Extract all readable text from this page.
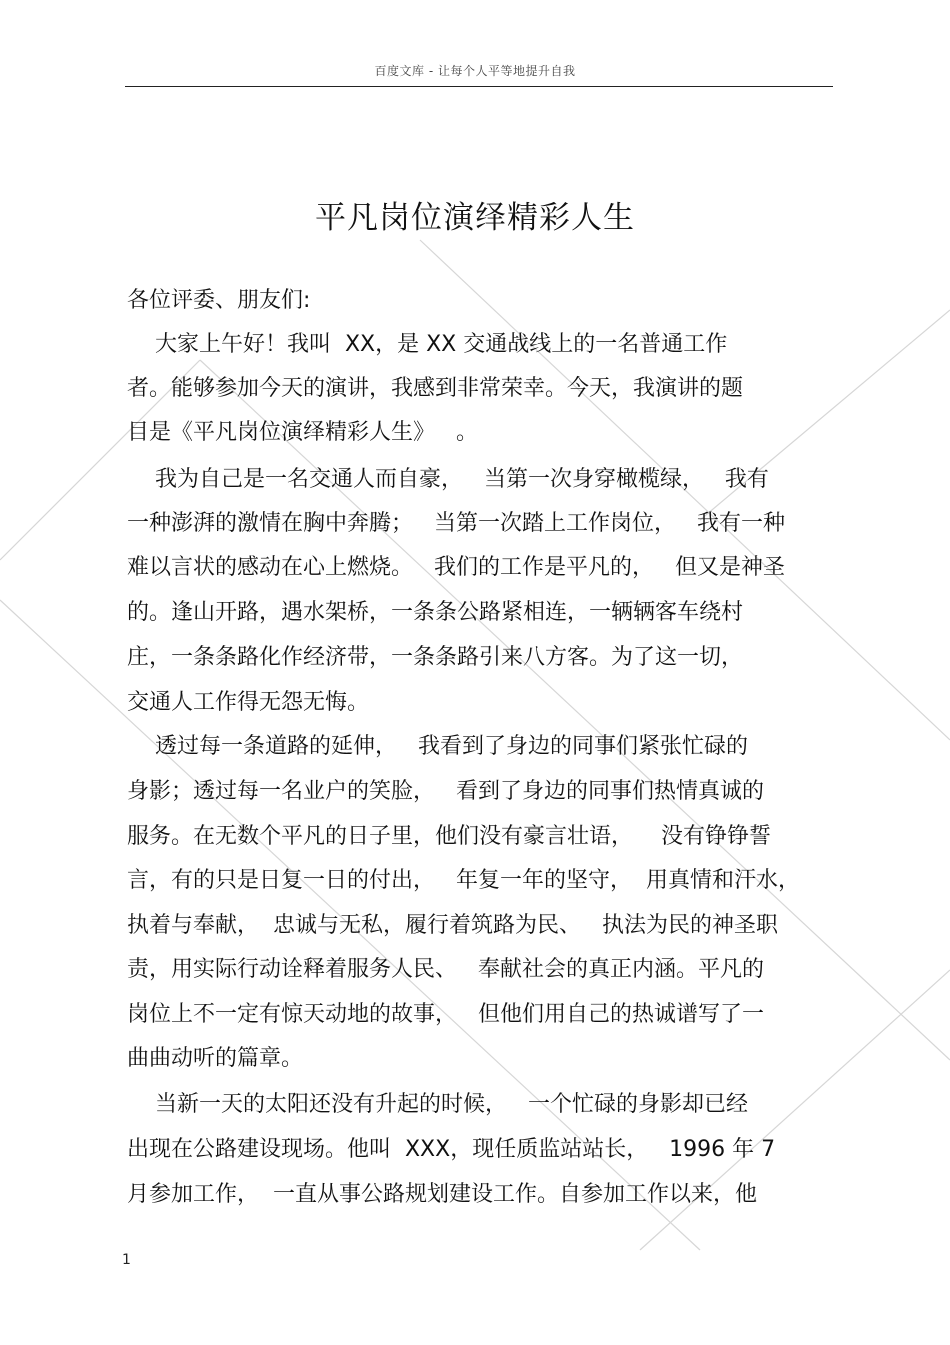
百度文库 - 让每个人平等地提升自我
平凡岗位演绎精彩人生
各位评委、朋友们:
大家上午好！我叫  XX，是 XX 交通战线上的一名普通工作
者。能够参加今天的演讲，我感到非常荣幸。今天，我演讲的题
目是《平凡岗位演绎精彩人生》   。
我为自己是一名交通人而自豪，   当第一次身穿橄榄绿，   我有
一种澎湃的激情在胸中奔腾；   当第一次踏上工作岗位，   我有一种
难以言状的感动在心上燃烧。   我们的工作是平凡的，   但又是神圣
的。逢山开路，遇水架桥，一条条公路紧相连，一辆辆客车绕村
庄，一条条路化作经济带，一条条路引来八方客。为了这一切，
交通人工作得无怨无悔。
透过每一条道路的延伸，   我看到了身边的同事们紧张忙碌的
身影；透过每一名业户的笑脸，   看到了身边的同事们热情真诚的
服务。在无数个平凡的日子里，他们没有豪言壮语，    没有铮铮誓
言，有的只是日复一日的付出，   年复一年的坚守，  用真情和汗水，
执着与奉献，  忠诚与无私，履行着筑路为民、   执法为民的神圣职
责，用实际行动诠释着服务人民、   奉献社会的真正内涵。平凡的
岗位上不一定有惊天动地的故事，   但他们用自己的热诚谱写了一
曲曲动听的篇章。
当新一天的太阳还没有升起的时候，   一个忙碌的身影却已经
出现在公路建设现场。他叫  XXX，现任质监站站长，   1996 年 7
月参加工作，  一直从事公路规划建设工作。自参加工作以来，他
1
